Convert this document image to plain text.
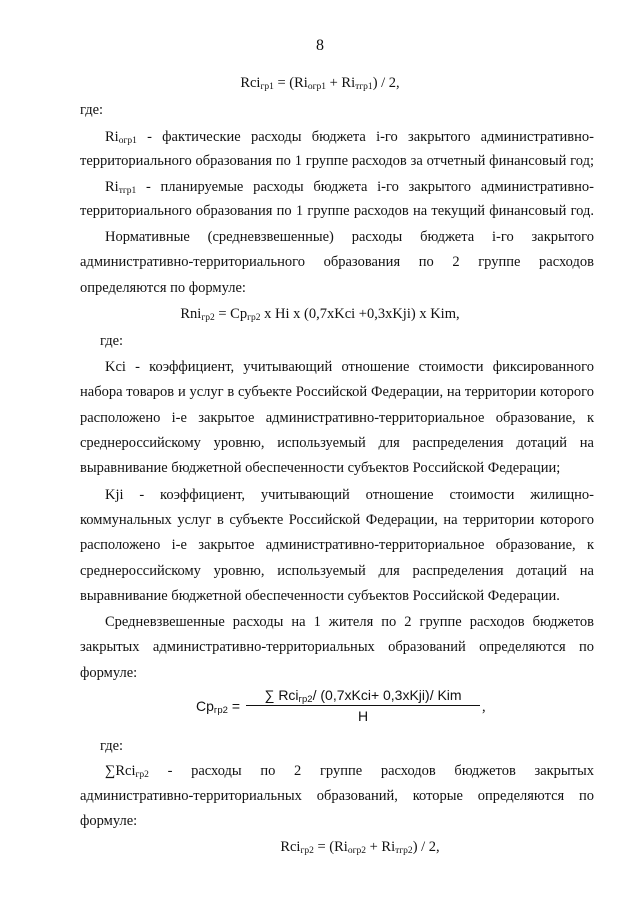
8
$Rci_{гр1} = (Ri_{огр1} + Ri_{тгр1}) / 2$,
где:
$Ri_{огр1}$ - фактические расходы бюджета i-го закрытого административно-
территориального образования по 1 группе расходов за отчетный финансовый год;
$Ri_{тгр1}$ - планируемые расходы бюджета i-го закрытого административно-
территориального образования по 1 группе расходов на текущий финансовый год.
Нормативные (средневзвешенные) расходы бюджета i-го закрытого
административно-территориального образования по 2 группе расходов
определяются по формуле:
$Rni_{гр2} = Cp_{гр2}$ x Hi x (0,7xKci +0,3xKji) x Kim,
где:
Kci - коэффициент, учитывающий отношение стоимости фиксированного
набора товаров и услуг в субъекте Российской Федерации, на территории которого
расположено i-е закрытое административно-территориальное образование, к
среднероссийскому уровню, используемый для распределения дотаций на
выравнивание бюджетной обеспеченности субъектов Российской Федерации;
Kji - коэффициент, учитывающий отношение стоимости жилищно-
коммунальных услуг в субъекте Российской Федерации, на территории которого
расположено i-е закрытое административно-территориальное образование, к
среднероссийскому уровню, используемый для распределения дотаций на
выравнивание бюджетной обеспеченности субъектов Российской Федерации.
Средневзвешенные расходы на 1 жителя по 2 группе расходов бюджетов
закрытых административно-территориальных образований определяются по
формуле:
$Cp_{гр2} = \frac{\sum Rci_{гр2}/ (0,7xKci+ 0,3xKji)/ Kim}{H}$ ,
где:
∑Rci$_{гр2}$ - расходы по 2 группе расходов бюджетов закрытых
административно-территориальных образований, которые определяются по
формуле:
$Rci_{гр2} = (Ri_{огр2} + Ri_{тгр2}) / 2$,
